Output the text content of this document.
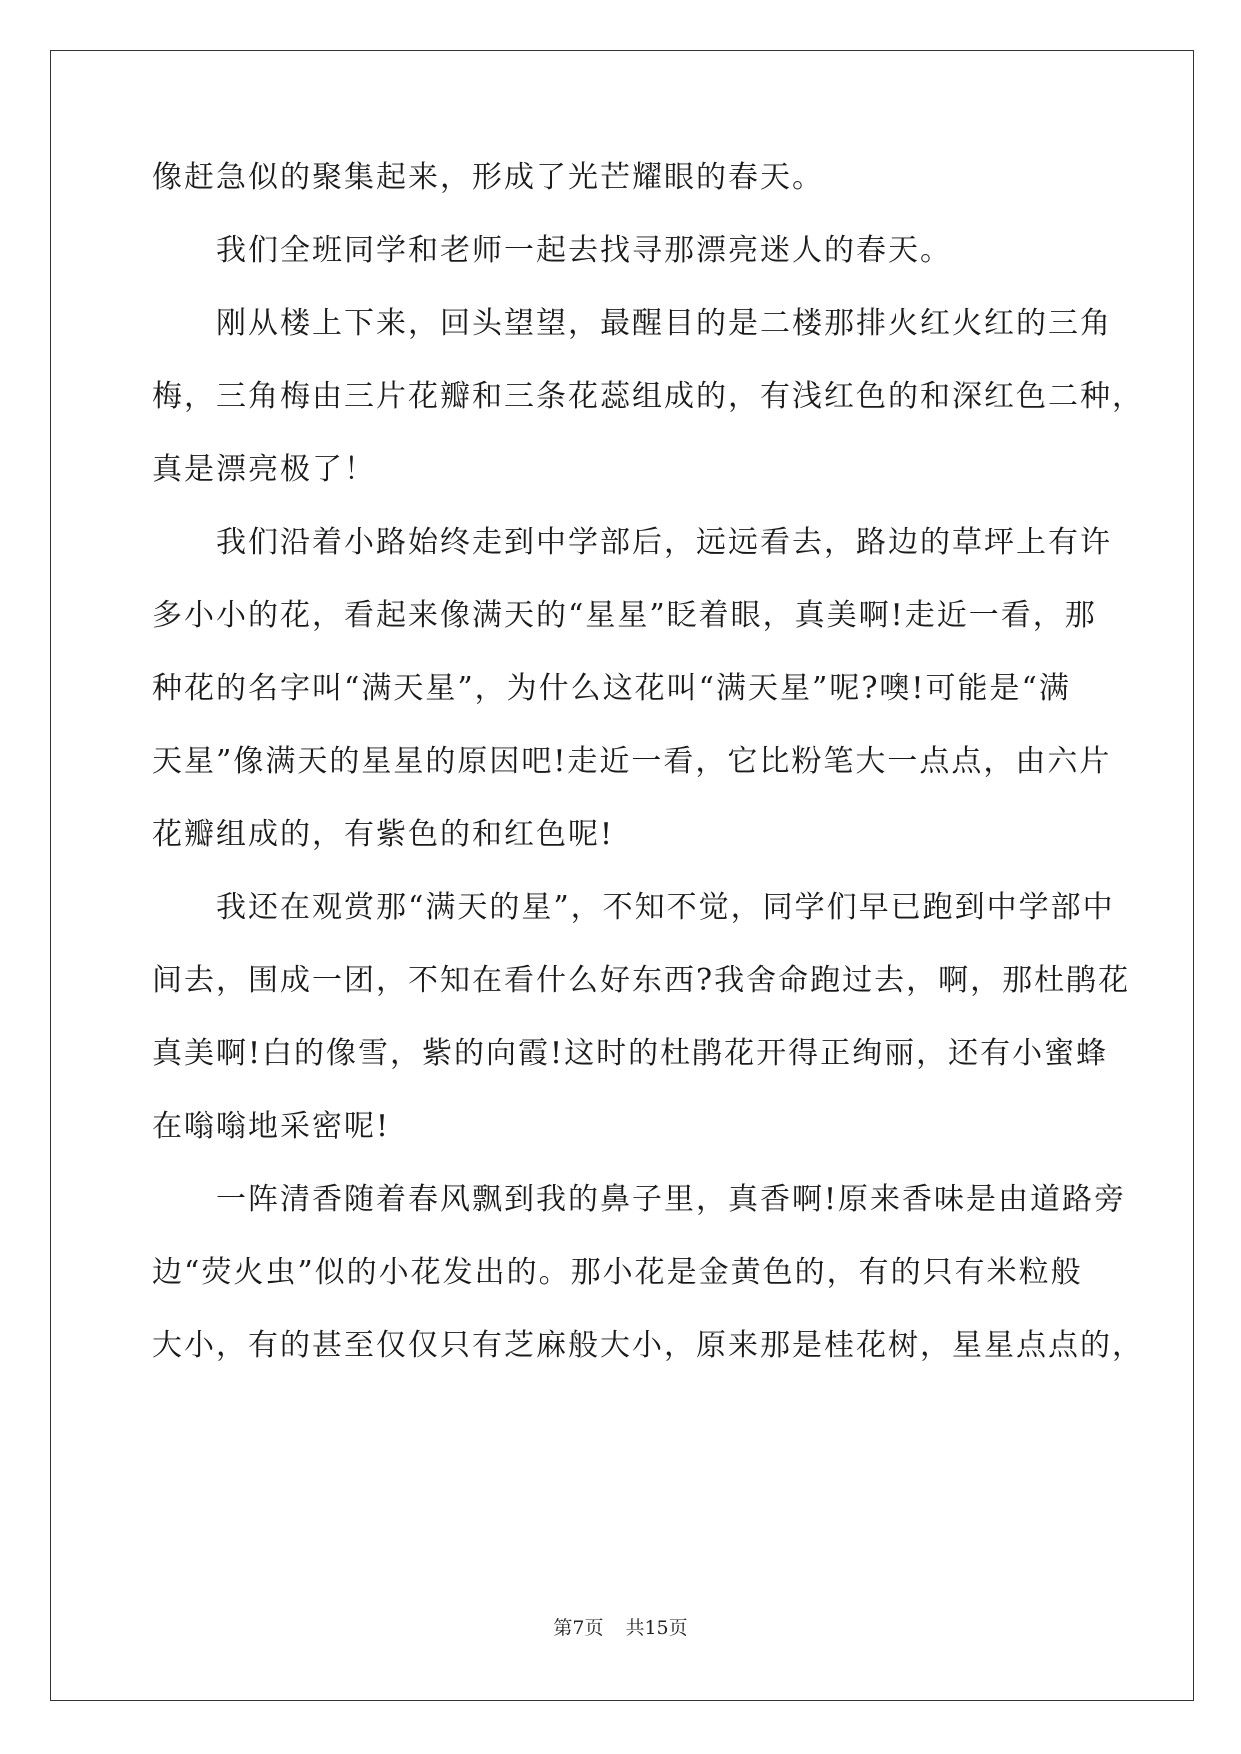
像赶急似的聚集起来，形成了光芒耀眼的春天。
我们全班同学和老师一起去找寻那漂亮迷人的春天。
刚从楼上下来，回头望望，最醒目的是二楼那排火红火红的三角
梅，三角梅由三片花瓣和三条花蕊组成的，有浅红色的和深红色二种，
真是漂亮极了！
我们沿着小路始终走到中学部后，远远看去，路边的草坪上有许
多小小的花，看起来像满天的“星星”眨着眼，真美啊!走近一看，那
种花的名字叫“满天星”，为什么这花叫“满天星”呢?噢!可能是“满
天星”像满天的星星的原因吧!走近一看，它比粉笔大一点点，由六片
花瓣组成的，有紫色的和红色呢!
我还在观赏那“满天的星”，不知不觉，同学们早已跑到中学部中
间去，围成一团，不知在看什么好东西?我舍命跑过去，啊，那杜鹃花
真美啊!白的像雪，紫的向霞!这时的杜鹃花开得正绚丽，还有小蜜蜂
在嗡嗡地采密呢!
一阵清香随着春风飘到我的鼻子里，真香啊!原来香味是由道路旁
边“荧火虫”似的小花发出的。那小花是金黄色的，有的只有米粒般
大小，有的甚至仅仅只有芝麻般大小，原来那是桂花树，星星点点的，
第7页 共15页
